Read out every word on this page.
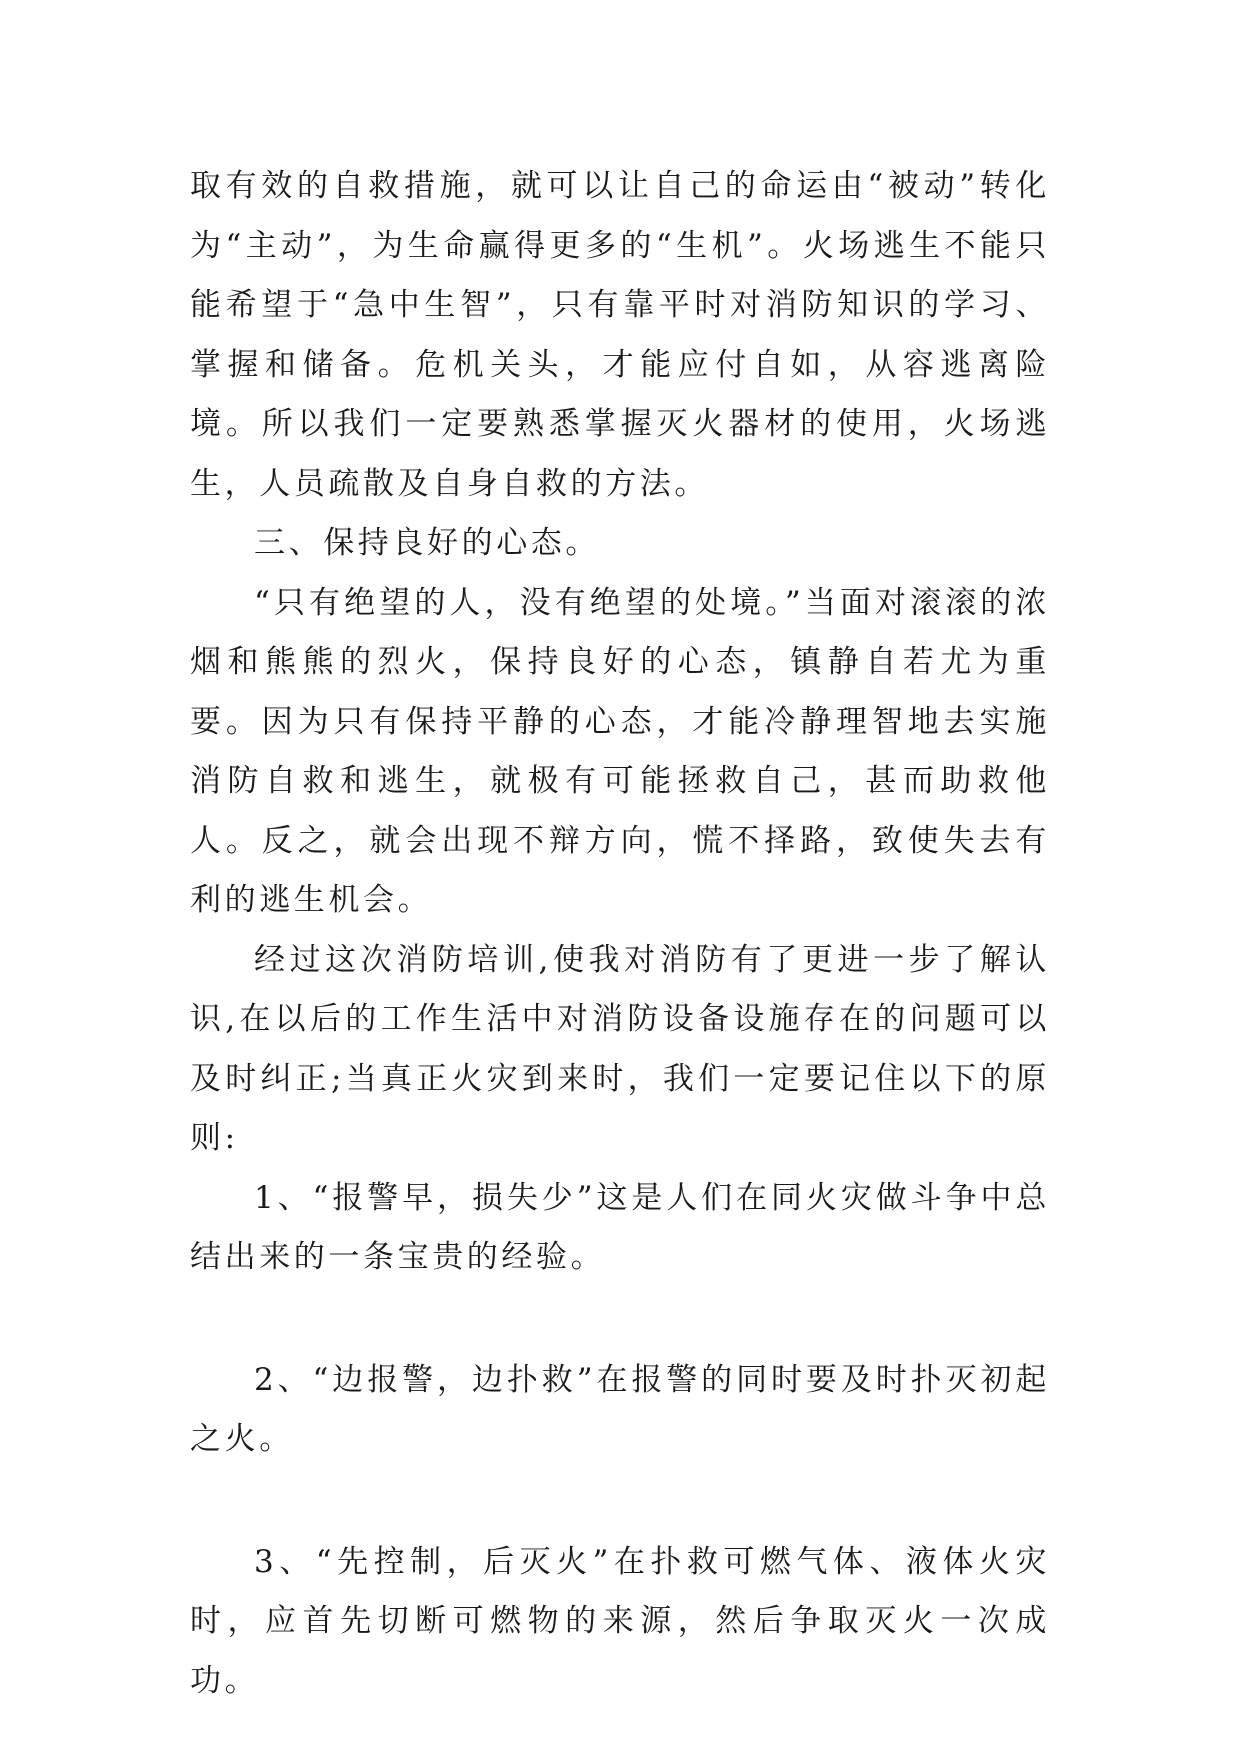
取有效的自救措施，就可以让自己的命运由“被动”转化为“主动”，为生命赢得更多的“生机”。火场逃生不能只能希望于“急中生智”，只有靠平时对消防知识的学习、掌握和储备。危机关头，才能应付自如，从容逃离险境。所以我们一定要熟悉掌握灭火器材的使用，火场逃生，人员疏散及自身自救的方法。

三、保持良好的心态。

“只有绝望的人，没有绝望的处境。”当面对滚滚的浓烟和熊熊的烈火，保持良好的心态，镇静自若尤为重要。因为只有保持平静的心态，才能冷静理智地去实施消防自救和逃生，就极有可能拯救自己，甚而助救他人。反之，就会出现不辩方向，慌不择路，致使失去有利的逃生机会。

经过这次消防培训,使我对消防有了更进一步了解认识,在以后的工作生活中对消防设备设施存在的问题可以及时纠正;当真正火灾到来时，我们一定要记住以下的原则:

1、“报警早，损失少”这是人们在同火灾做斗争中总结出来的一条宝贵的经验。

2、“边报警，边扑救”在报警的同时要及时扑灭初起之火。

3、“先控制，后灭火”在扑救可燃气体、液体火灾时，应首先切断可燃物的来源，然后争取灭火一次成功。
